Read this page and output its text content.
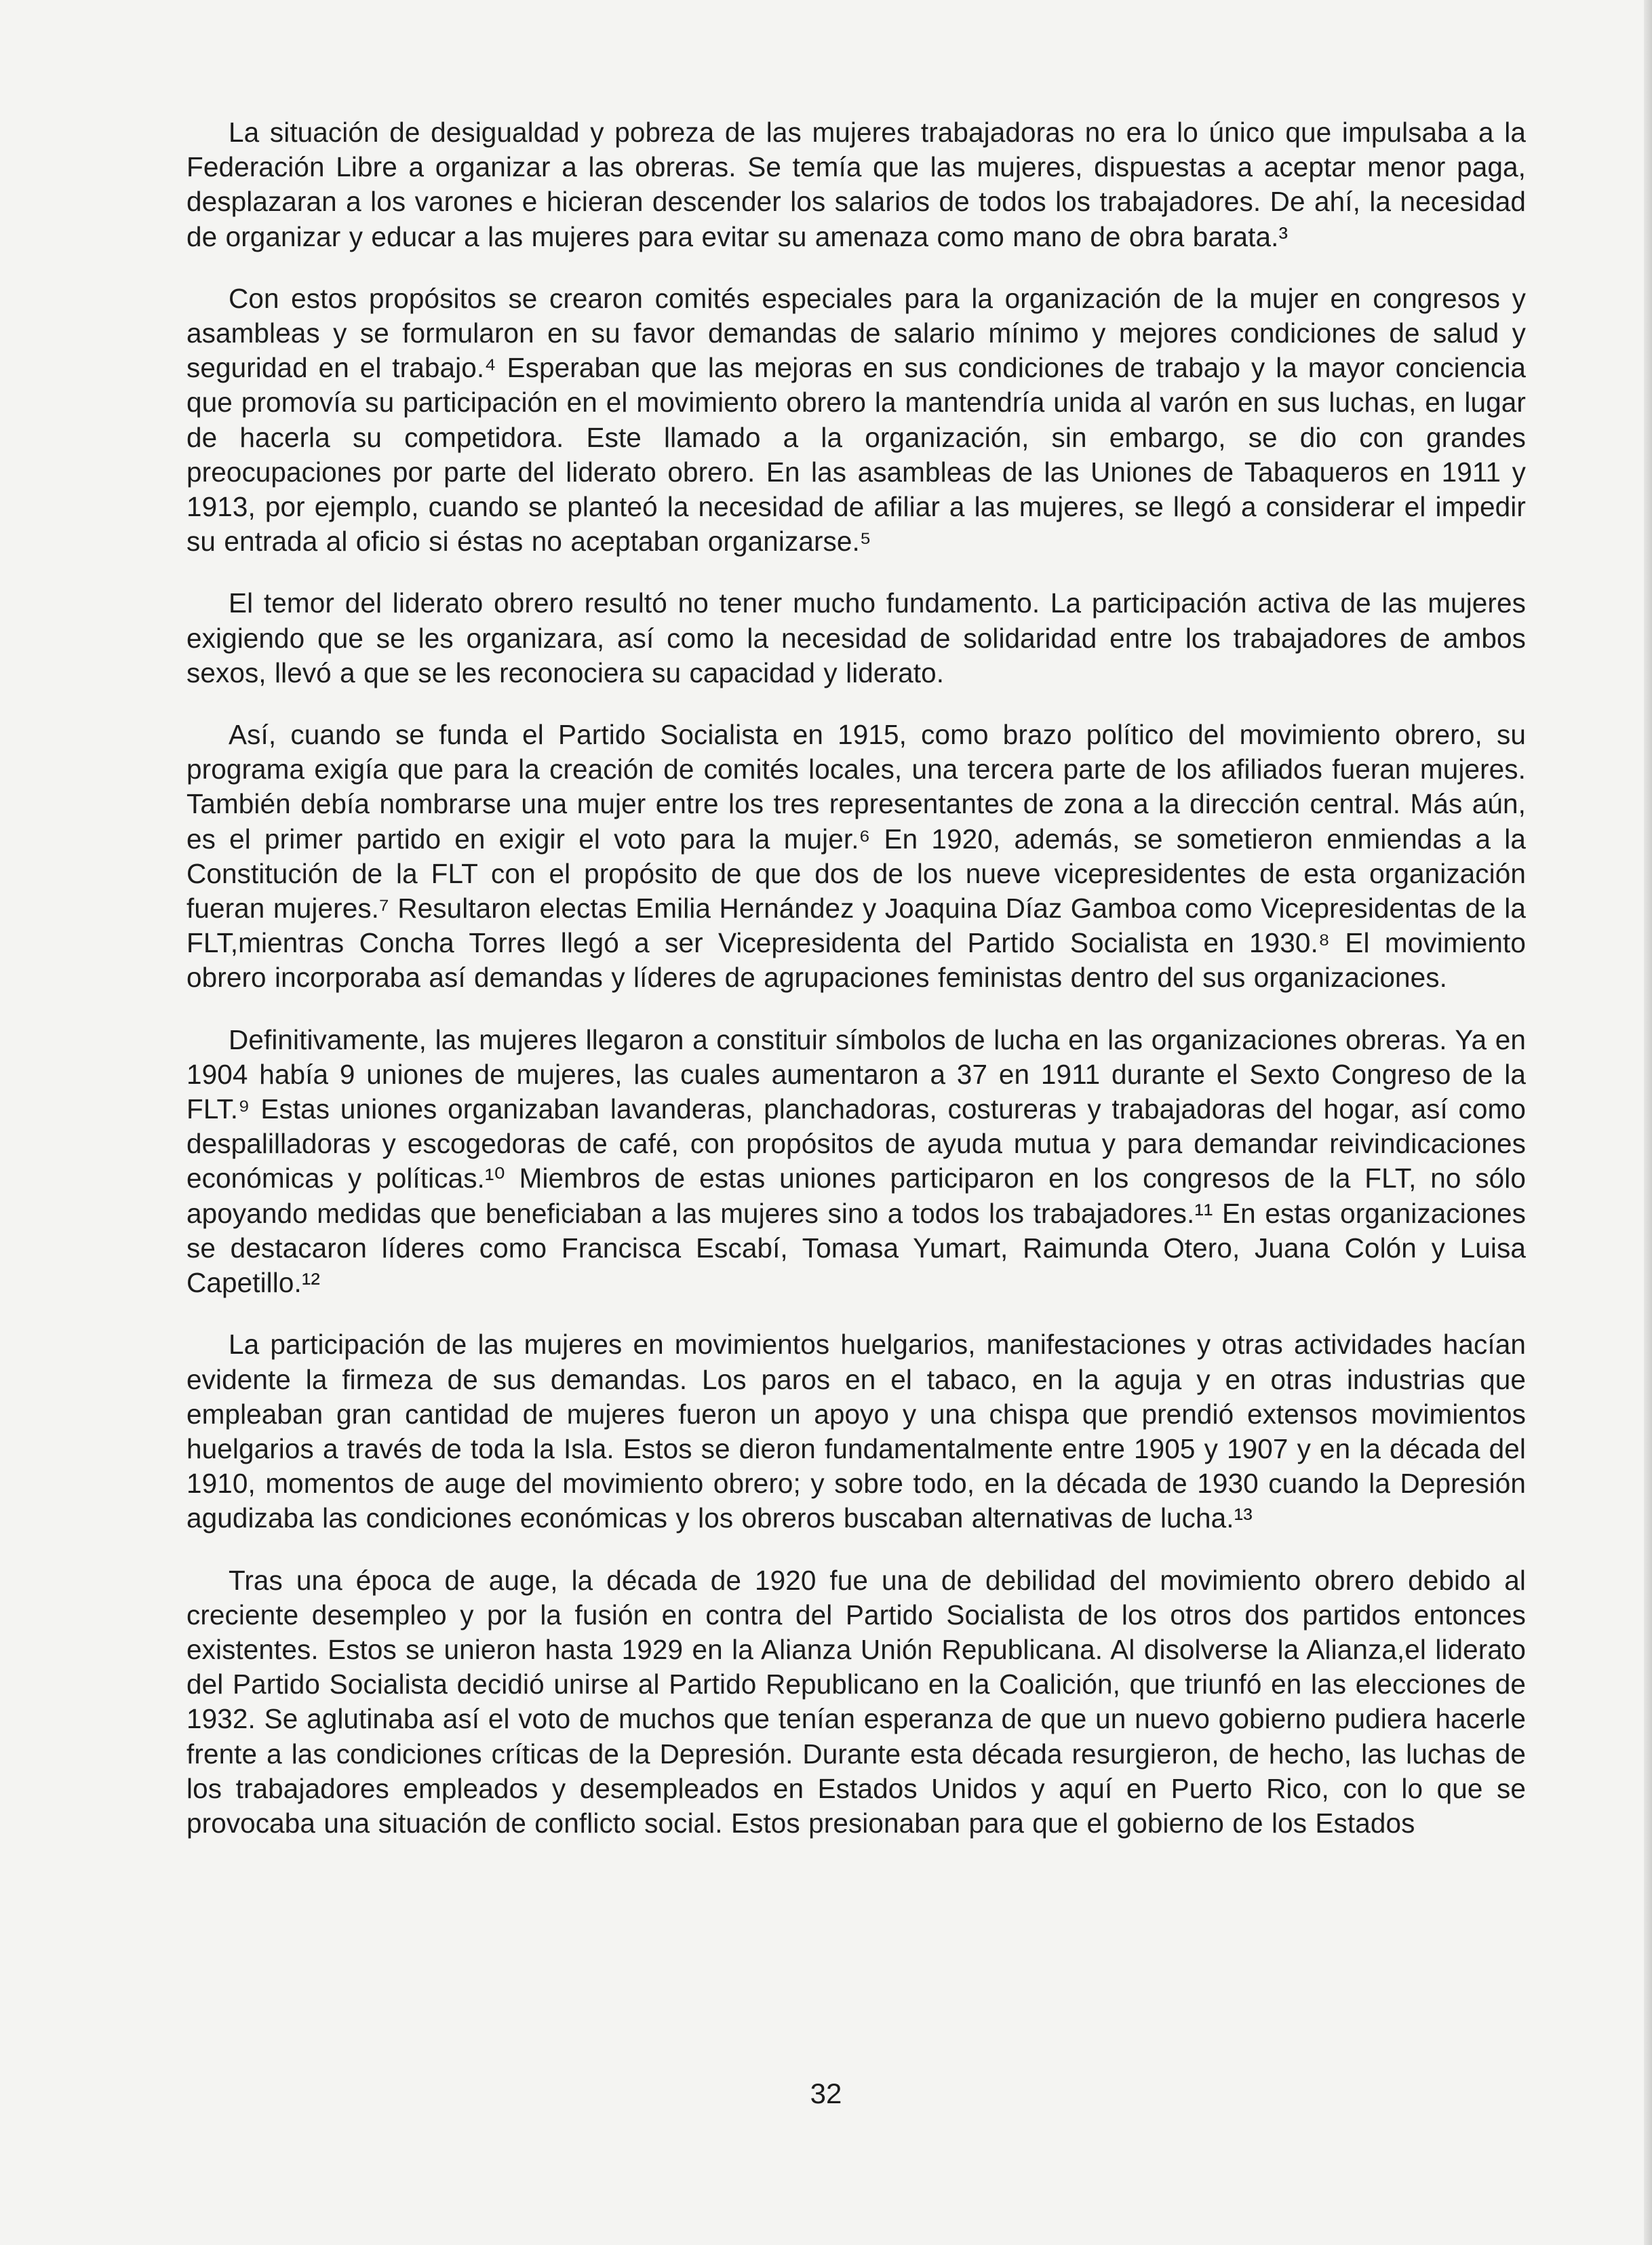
La situación de desigualdad y pobreza de las mujeres trabajadoras no era lo único que impulsaba a la Federación Libre a organizar a las obreras. Se temía que las mujeres, dispuestas a aceptar menor paga, desplazaran a los varones e hicieran descender los salarios de todos los trabajadores. De ahí, la necesidad de organizar y educar a las mujeres para evitar su amenaza como mano de obra barata.³

Con estos propósitos se crearon comités especiales para la organización de la mujer en congresos y asambleas y se formularon en su favor demandas de salario mínimo y mejores condiciones de salud y seguridad en el trabajo.⁴ Esperaban que las mejoras en sus condiciones de trabajo y la mayor conciencia que promovía su participación en el movimiento obrero la mantendría unida al varón en sus luchas, en lugar de hacerla su competidora. Este llamado a la organización, sin embargo, se dio con grandes preocupaciones por parte del liderato obrero. En las asambleas de las Uniones de Tabaqueros en 1911 y 1913, por ejemplo, cuando se planteó la necesidad de afiliar a las mujeres, se llegó a considerar el impedir su entrada al oficio si éstas no aceptaban organizarse.⁵

El temor del liderato obrero resultó no tener mucho fundamento. La participación activa de las mujeres exigiendo que se les organizara, así como la necesidad de solidaridad entre los trabajadores de ambos sexos, llevó a que se les reconociera su capacidad y liderato.

Así, cuando se funda el Partido Socialista en 1915, como brazo político del movimiento obrero, su programa exigía que para la creación de comités locales, una tercera parte de los afiliados fueran mujeres. También debía nombrarse una mujer entre los tres representantes de zona a la dirección central. Más aún, es el primer partido en exigir el voto para la mujer.⁶ En 1920, además, se sometieron enmiendas a la Constitución de la FLT con el propósito de que dos de los nueve vicepresidentes de esta organización fueran mujeres.⁷ Resultaron electas Emilia Hernández y Joaquina Díaz Gamboa como Vicepresidentas de la FLT,mientras Concha Torres llegó a ser Vicepresidenta del Partido Socialista en 1930.⁸ El movimiento obrero incorporaba así demandas y líderes de agrupaciones feministas dentro del sus organizaciones.

Definitivamente, las mujeres llegaron a constituir símbolos de lucha en las organizaciones obreras. Ya en 1904 había 9 uniones de mujeres, las cuales aumentaron a 37 en 1911 durante el Sexto Congreso de la FLT.⁹ Estas uniones organizaban lavanderas, planchadoras, costureras y trabajadoras del hogar, así como despalilladoras y escogedoras de café, con propósitos de ayuda mutua y para demandar reivindicaciones económicas y políticas.¹⁰ Miembros de estas uniones participaron en los congresos de la FLT, no sólo apoyando medidas que beneficiaban a las mujeres sino a todos los trabajadores.¹¹ En estas organizaciones se destacaron líderes como Francisca Escabí, Tomasa Yumart, Raimunda Otero, Juana Colón y Luisa Capetillo.¹²

La participación de las mujeres en movimientos huelgarios, manifestaciones y otras actividades hacían evidente la firmeza de sus demandas. Los paros en el tabaco, en la aguja y en otras industrias que empleaban gran cantidad de mujeres fueron un apoyo y una chispa que prendió extensos movimientos huelgarios a través de toda la Isla. Estos se dieron fundamentalmente entre 1905 y 1907 y en la década del 1910, momentos de auge del movimiento obrero; y sobre todo, en la década de 1930 cuando la Depresión agudizaba las condiciones económicas y los obreros buscaban alternativas de lucha.¹³

Tras una época de auge, la década de 1920 fue una de debilidad del movimiento obrero debido al creciente desempleo y por la fusión en contra del Partido Socialista de los otros dos partidos entonces existentes. Estos se unieron hasta 1929 en la Alianza Unión Republicana. Al disolverse la Alianza,el liderato del Partido Socialista decidió unirse al Partido Republicano en la Coalición, que triunfó en las elecciones de 1932. Se aglutinaba así el voto de muchos que tenían esperanza de que un nuevo gobierno pudiera hacerle frente a las condiciones críticas de la Depresión. Durante esta década resurgieron, de hecho, las luchas de los trabajadores empleados y desempleados en Estados Unidos y aquí en Puerto Rico, con lo que se provocaba una situación de conflicto social. Estos presionaban para que el gobierno de los Estados

32
